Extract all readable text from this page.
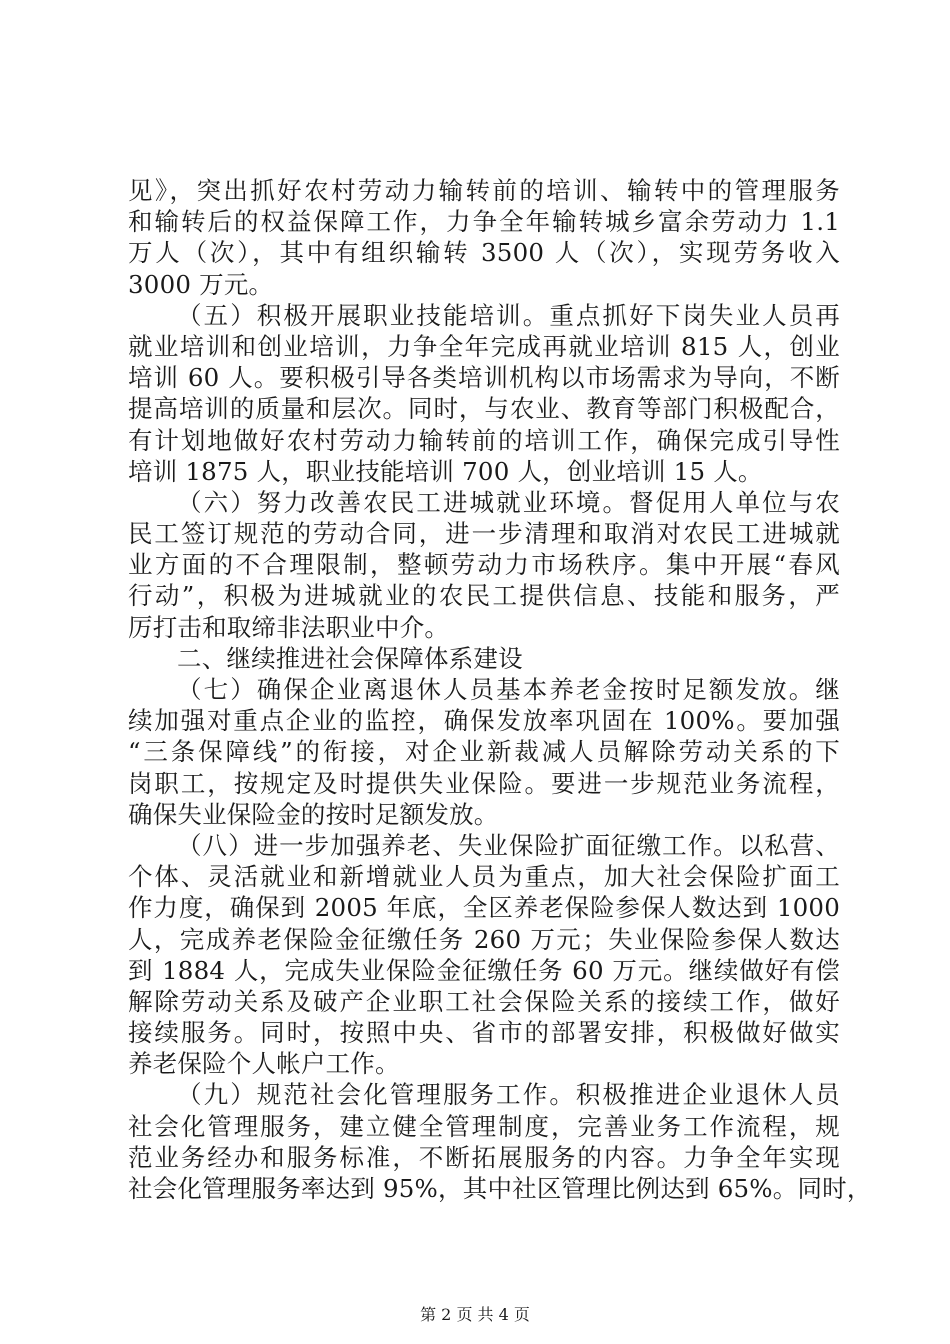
见》，突出抓好农村劳动力输转前的培训、输转中的管理服务
和输转后的权益保障工作，力争全年输转城乡富余劳动力 1.1
万人（次），其中有组织输转 3500 人（次），实现劳务收入
3000 万元。
（五）积极开展职业技能培训。重点抓好下岗失业人员再
就业培训和创业培训，力争全年完成再就业培训 815 人，创业
培训 60 人。要积极引导各类培训机构以市场需求为导向，不断
提高培训的质量和层次。同时，与农业、教育等部门积极配合，
有计划地做好农村劳动力输转前的培训工作，确保完成引导性
培训 1875 人，职业技能培训 700 人，创业培训 15 人。
（六）努力改善农民工进城就业环境。督促用人单位与农
民工签订规范的劳动合同，进一步清理和取消对农民工进城就
业方面的不合理限制，整顿劳动力市场秩序。集中开展“春风
行动”，积极为进城就业的农民工提供信息、技能和服务，严
厉打击和取缔非法职业中介。
二、继续推进社会保障体系建设
（七）确保企业离退休人员基本养老金按时足额发放。继
续加强对重点企业的监控，确保发放率巩固在 100%。要加强
“三条保障线”的衔接，对企业新裁减人员解除劳动关系的下
岗职工，按规定及时提供失业保险。要进一步规范业务流程，
确保失业保险金的按时足额发放。
（八）进一步加强养老、失业保险扩面征缴工作。以私营、
个体、灵活就业和新增就业人员为重点，加大社会保险扩面工
作力度，确保到 2005 年底，全区养老保险参保人数达到 1000
人，完成养老保险金征缴任务 260 万元；失业保险参保人数达
到 1884 人，完成失业保险金征缴任务 60 万元。继续做好有偿
解除劳动关系及破产企业职工社会保险关系的接续工作，做好
接续服务。同时，按照中央、省市的部署安排，积极做好做实
养老保险个人帐户工作。
（九）规范社会化管理服务工作。积极推进企业退休人员
社会化管理服务，建立健全管理制度，完善业务工作流程，规
范业务经办和服务标准，不断拓展服务的内容。力争全年实现
社会化管理服务率达到 95%，其中社区管理比例达到 65%。同时，
第 2 页 共 4 页
